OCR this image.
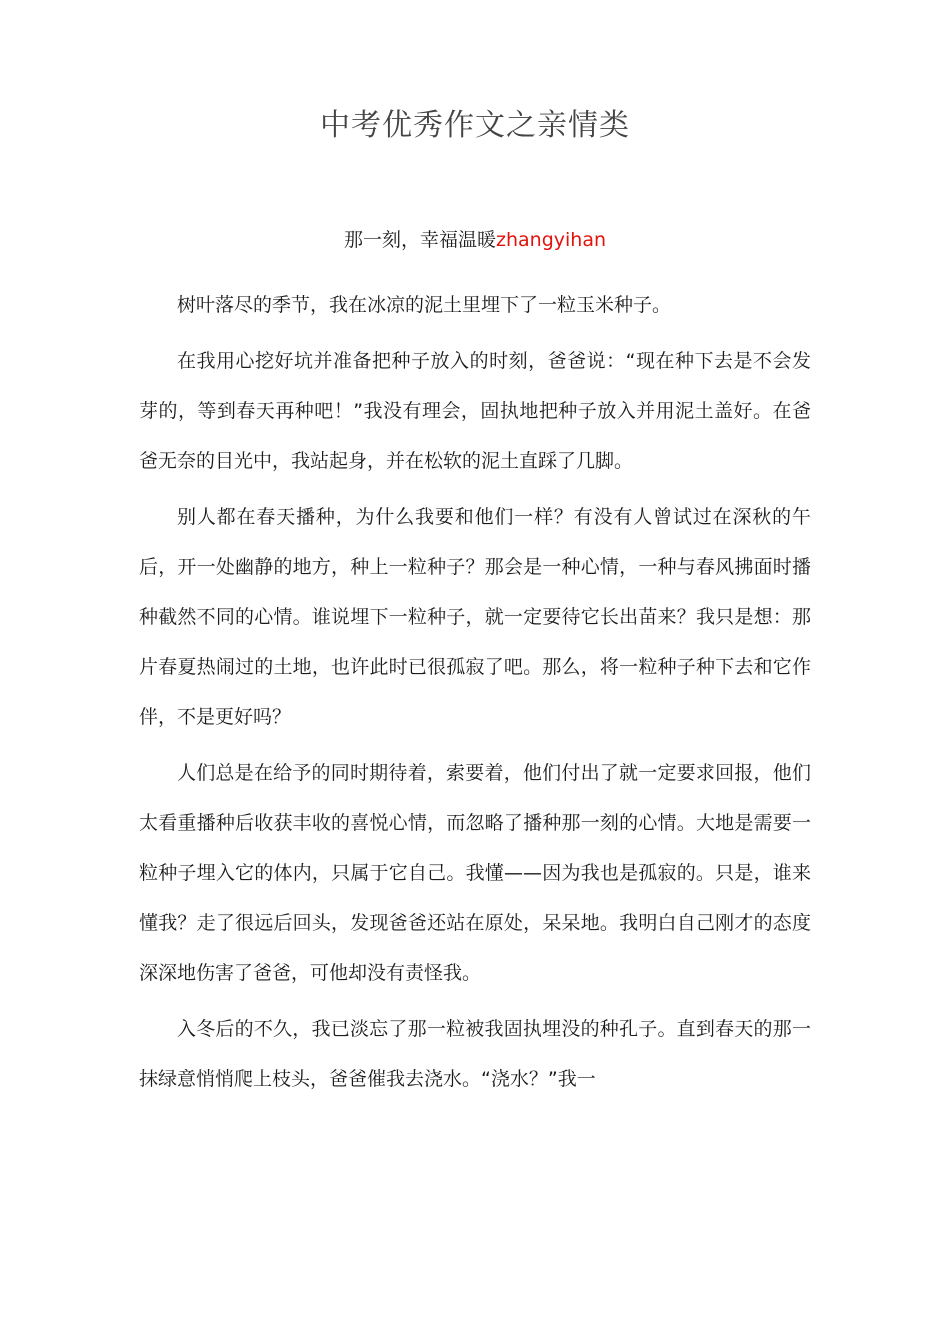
中考优秀作文之亲情类
那一刻，幸福温暖zhangyihan

树叶落尽的季节，我在冰凉的泥土里埋下了一粒玉米种子。

在我用心挖好坑并准备把种子放入的时刻，爸爸说：“现在种下去是不会发芽的，等到春天再种吧！”我没有理会，固执地把种子放入并用泥土盖好。在爸爸无奈的目光中，我站起身，并在松软的泥土直踩了几脚。

别人都在春天播种，为什么我要和他们一样？有没有人曾试过在深秋的午后，开一处幽静的地方，种上一粒种子？那会是一种心情，一种与春风拂面时播种截然不同的心情。谁说埋下一粒种子，就一定要待它长出苗来？我只是想：那片春夏热闹过的土地，也许此时已很孤寂了吧。那么，将一粒种子种下去和它作伴，不是更好吗？

人们总是在给予的同时期待着，索要着，他们付出了就一定要求回报，他们太看重播种后收获丰收的喜悦心情，而忽略了播种那一刻的心情。大地是需要一粒种子埋入它的体内，只属于它自己。我懂——因为我也是孤寂的。只是，谁来懂我？走了很远后回头，发现爸爸还站在原处，呆呆地。我明白自己刚才的态度深深地伤害了爸爸，可他却没有责怪我。

入冬后的不久，我已淡忘了那一粒被我固执埋没的种孔子。直到春天的那一抹绿意悄悄爬上枝头，爸爸催我去浇水。“浇水？”我一
